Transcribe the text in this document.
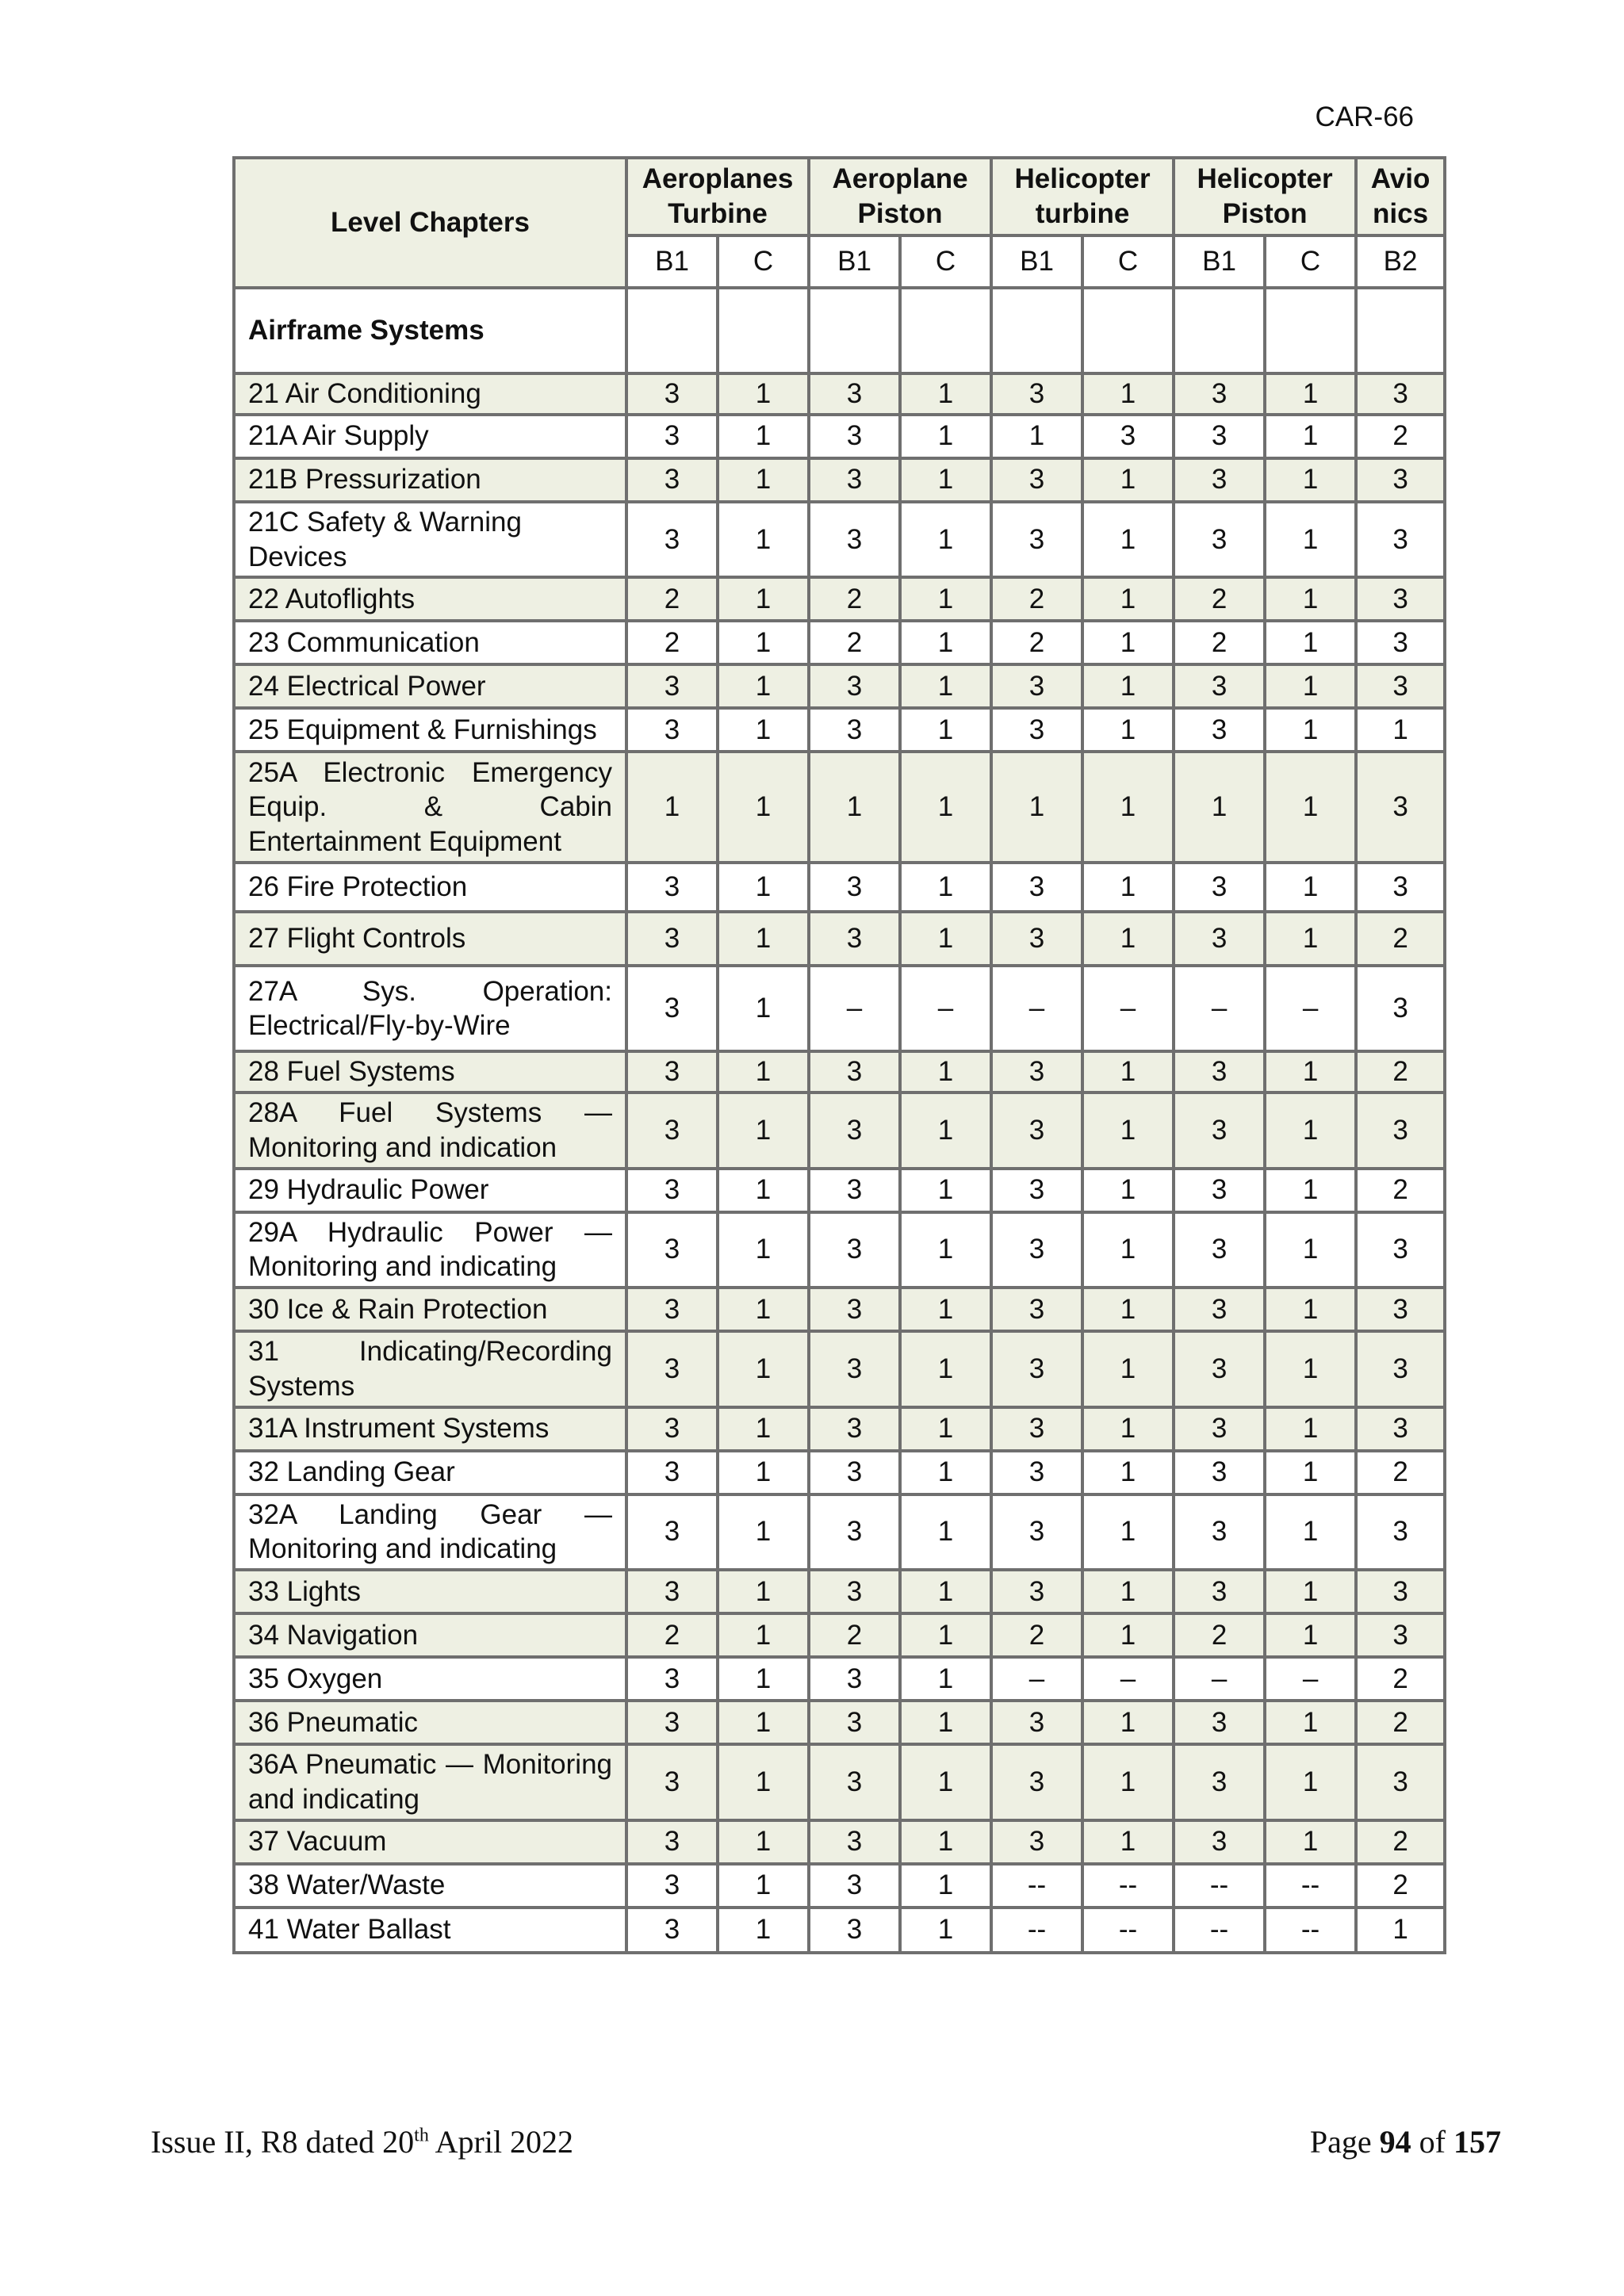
CAR-66
Level Chapters	Aeroplanes Turbine		Aeroplane Piston		Helicopter turbine		Helicopter Piston		Avio nics
	B1	C	B1	C	B1	C	B1	C	B2
Airframe Systems									
21 Air Conditioning	3	1	3	1	3	1	3	1	3
21A Air Supply	3	1	3	1	1	3	3	1	2
21B Pressurization	3	1	3	1	3	1	3	1	3
21C Safety & Warning Devices	3	1	3	1	3	1	3	1	3
22 Autoflights	2	1	2	1	2	1	2	1	3
23 Communication	2	1	2	1	2	1	2	1	3
24 Electrical Power	3	1	3	1	3	1	3	1	3
25 Equipment & Furnishings	3	1	3	1	3	1	3	1	1
25A Electronic Emergency Equip. & Cabin Entertainment Equipment	1	1	1	1	1	1	1	1	3
26 Fire Protection	3	1	3	1	3	1	3	1	3
27 Flight Controls	3	1	3	1	3	1	3	1	2
27A Sys. Operation: Electrical/Fly-by-Wire	3	1	–	–	–	–	–	–	3
28 Fuel Systems	3	1	3	1	3	1	3	1	2
28A Fuel Systems — Monitoring and indication	3	1	3	1	3	1	3	1	3
29 Hydraulic Power	3	1	3	1	3	1	3	1	2
29A Hydraulic Power — Monitoring and indicating	3	1	3	1	3	1	3	1	3
30 Ice & Rain Protection	3	1	3	1	3	1	3	1	3
31 Indicating/Recording Systems	3	1	3	1	3	1	3	1	3
31A Instrument Systems	3	1	3	1	3	1	3	1	3
32 Landing Gear	3	1	3	1	3	1	3	1	2
32A Landing Gear — Monitoring and indicating	3	1	3	1	3	1	3	1	3
33 Lights	3	1	3	1	3	1	3	1	3
34 Navigation	2	1	2	1	2	1	2	1	3
35 Oxygen	3	1	3	1	–	–	–	–	2
36 Pneumatic	3	1	3	1	3	1	3	1	2
36A Pneumatic — Monitoring and indicating	3	1	3	1	3	1	3	1	3
37 Vacuum	3	1	3	1	3	1	3	1	2
38 Water/Waste	3	1	3	1	--	--	--	--	2
41 Water Ballast	3	1	3	1	--	--	--	--	1
Issue II, R8 dated 20th April 2022	Page 94 of 157
